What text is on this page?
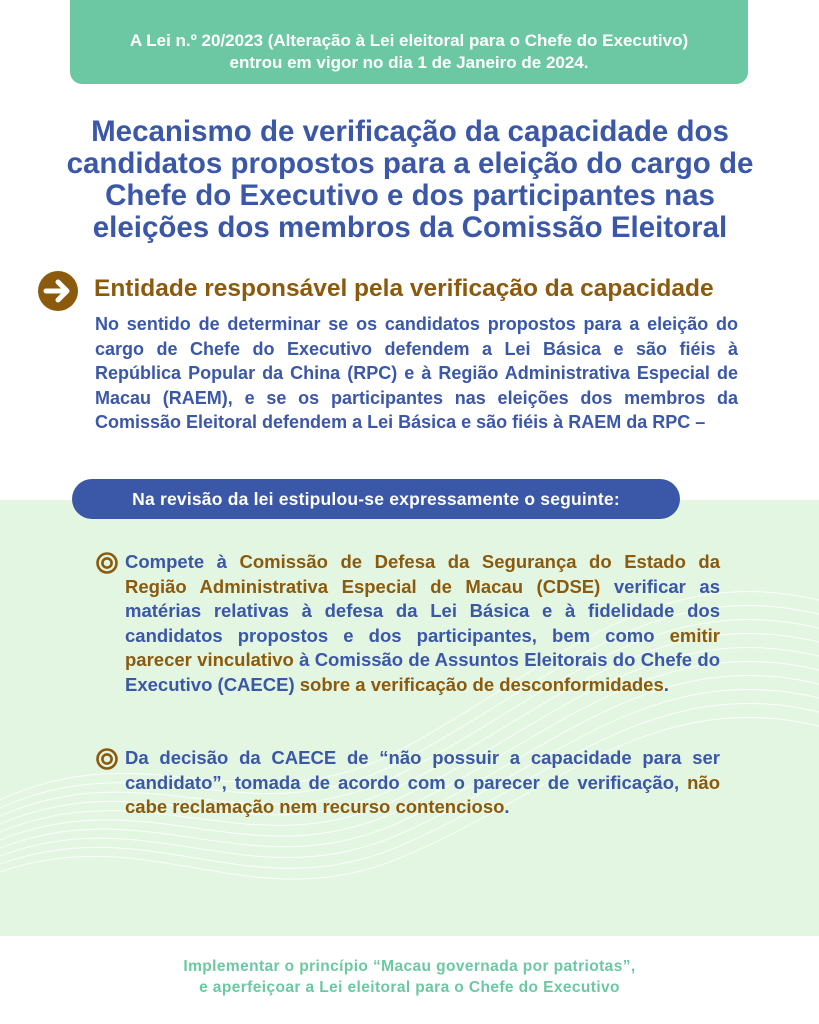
A Lei n.º 20/2023 (Alteração à Lei eleitoral para o Chefe do Executivo)
entrou em vigor no dia 1 de Janeiro de 2024.
Mecanismo de verificação da capacidade dos
candidatos propostos para a eleição do cargo de
Chefe do Executivo e dos participantes nas
eleições dos membros da Comissão Eleitoral
Entidade responsável pela verificação da capacidade

No sentido de determinar se os candidatos propostos para a eleição do cargo de Chefe do Executivo defendem a Lei Básica e são fiéis à República Popular da China (RPC) e à Região Administrativa Especial de Macau (RAEM), e se os participantes nas eleições dos membros da Comissão Eleitoral defendem a Lei Básica e são fiéis à RAEM da RPC –

Na revisão da lei estipulou-se expressamente o seguinte:

Compete à Comissão de Defesa da Segurança do Estado da Região Administrativa Especial de Macau (CDSE) verificar as matérias relativas à defesa da Lei Básica e à fidelidade dos candidatos propostos e dos participantes, bem como emitir parecer vinculativo à Comissão de Assuntos Eleitorais do Chefe do Executivo (CAECE) sobre a verificação de desconformidades.

Da decisão da CAECE de “não possuir a capacidade para ser candidato”, tomada de acordo com o parecer de verificação, não cabe reclamação nem recurso contencioso.

Implementar o princípio “Macau governada por patriotas”,
e aperfeiçoar a Lei eleitoral para o Chefe do Executivo
